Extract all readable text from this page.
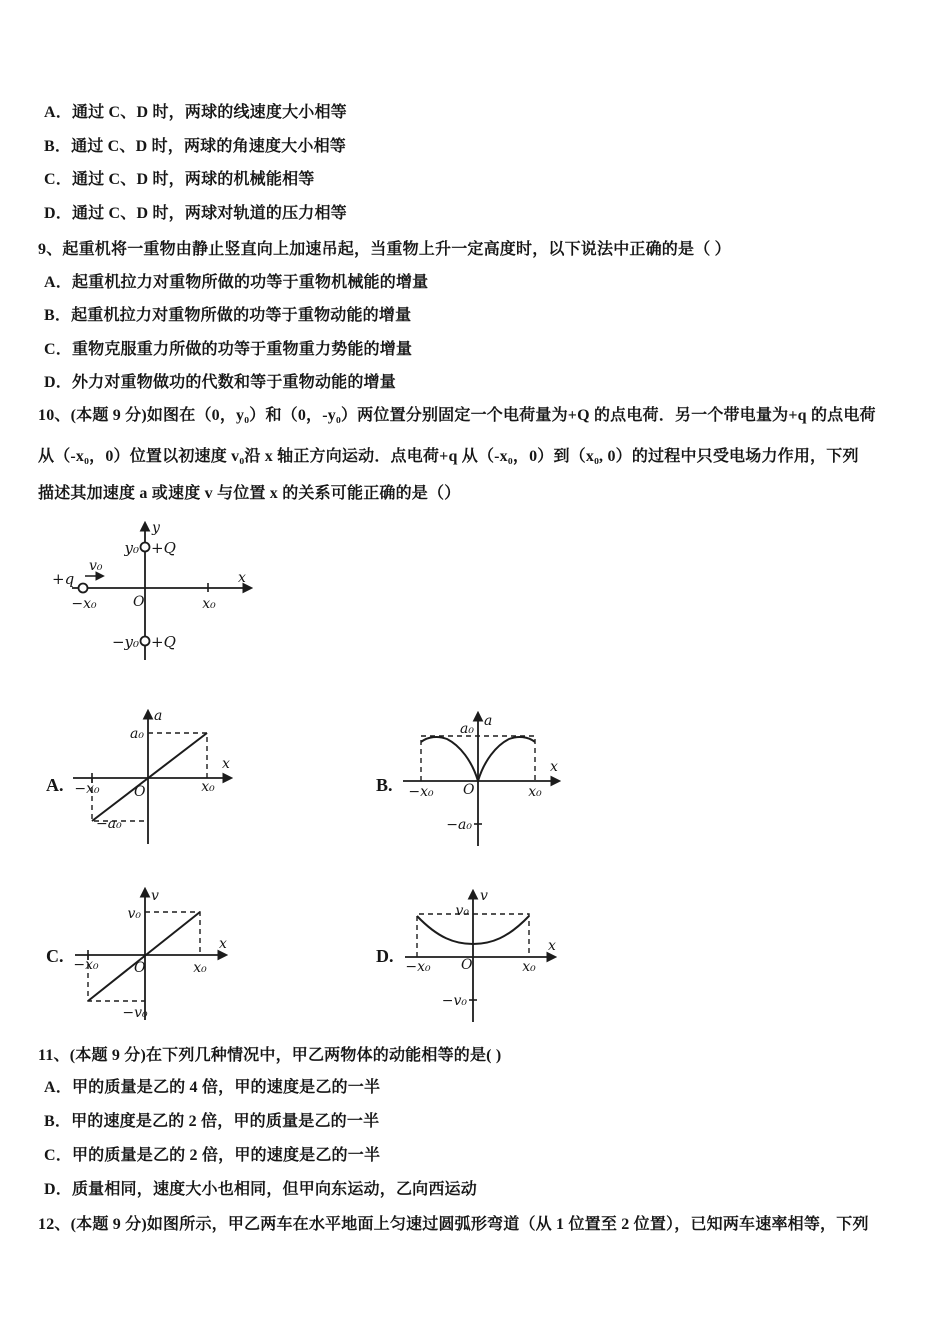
A．通过 C、D 时，两球的线速度大小相等
B．通过 C、D 时，两球的角速度大小相等
C．通过 C、D 时，两球的机械能相等
D．通过 C、D 时，两球对轨道的压力相等
9、起重机将一重物由静止竖直向上加速吊起，当重物上升一定高度时，以下说法中正确的是（ ）
A．起重机拉力对重物所做的功等于重物机械能的增量
B．起重机拉力对重物所做的功等于重物动能的增量
C．重物克服重力所做的功等于重物重力势能的增量
D．外力对重物做功的代数和等于重物动能的增量
10、(本题 9 分)如图在（0，y₀）和（0，-y₀）两位置分别固定一个电荷量为+Q 的点电荷．另一个带电量为+q 的点电荷
从（-x₀，0）位置以初速度 v₀沿 x 轴正方向运动．点电荷+q 从（-x₀，0）到（x₀, 0）的过程中只受电场力作用，下列
描述其加速度 a 或速度 v 与位置 x 的关系可能正确的是（）
y
x
O
y₀ +Q
−y₀ +Q
+q
v₀
−x₀	x₀
A.
a
x
O
a₀
−a₀
−x₀	x₀	B.
a
x
O
a₀
−a₀
−x₀	x₀
C.
v
x
O
v₀
−v₀
−x₀	x₀
D.
v
x
O
v₀
−v₀
−x₀	x₀
11、(本题 9 分)在下列几种情况中，甲乙两物体的动能相等的是( )
A．甲的质量是乙的 4 倍，甲的速度是乙的一半
B．甲的速度是乙的 2 倍，甲的质量是乙的一半
C．甲的质量是乙的 2 倍，甲的速度是乙的一半
D．质量相同，速度大小也相同，但甲向东运动，乙向西运动
12、(本题 9 分)如图所示，甲乙两车在水平地面上匀速过圆弧形弯道（从 1 位置至 2 位置），已知两车速率相等，下列
